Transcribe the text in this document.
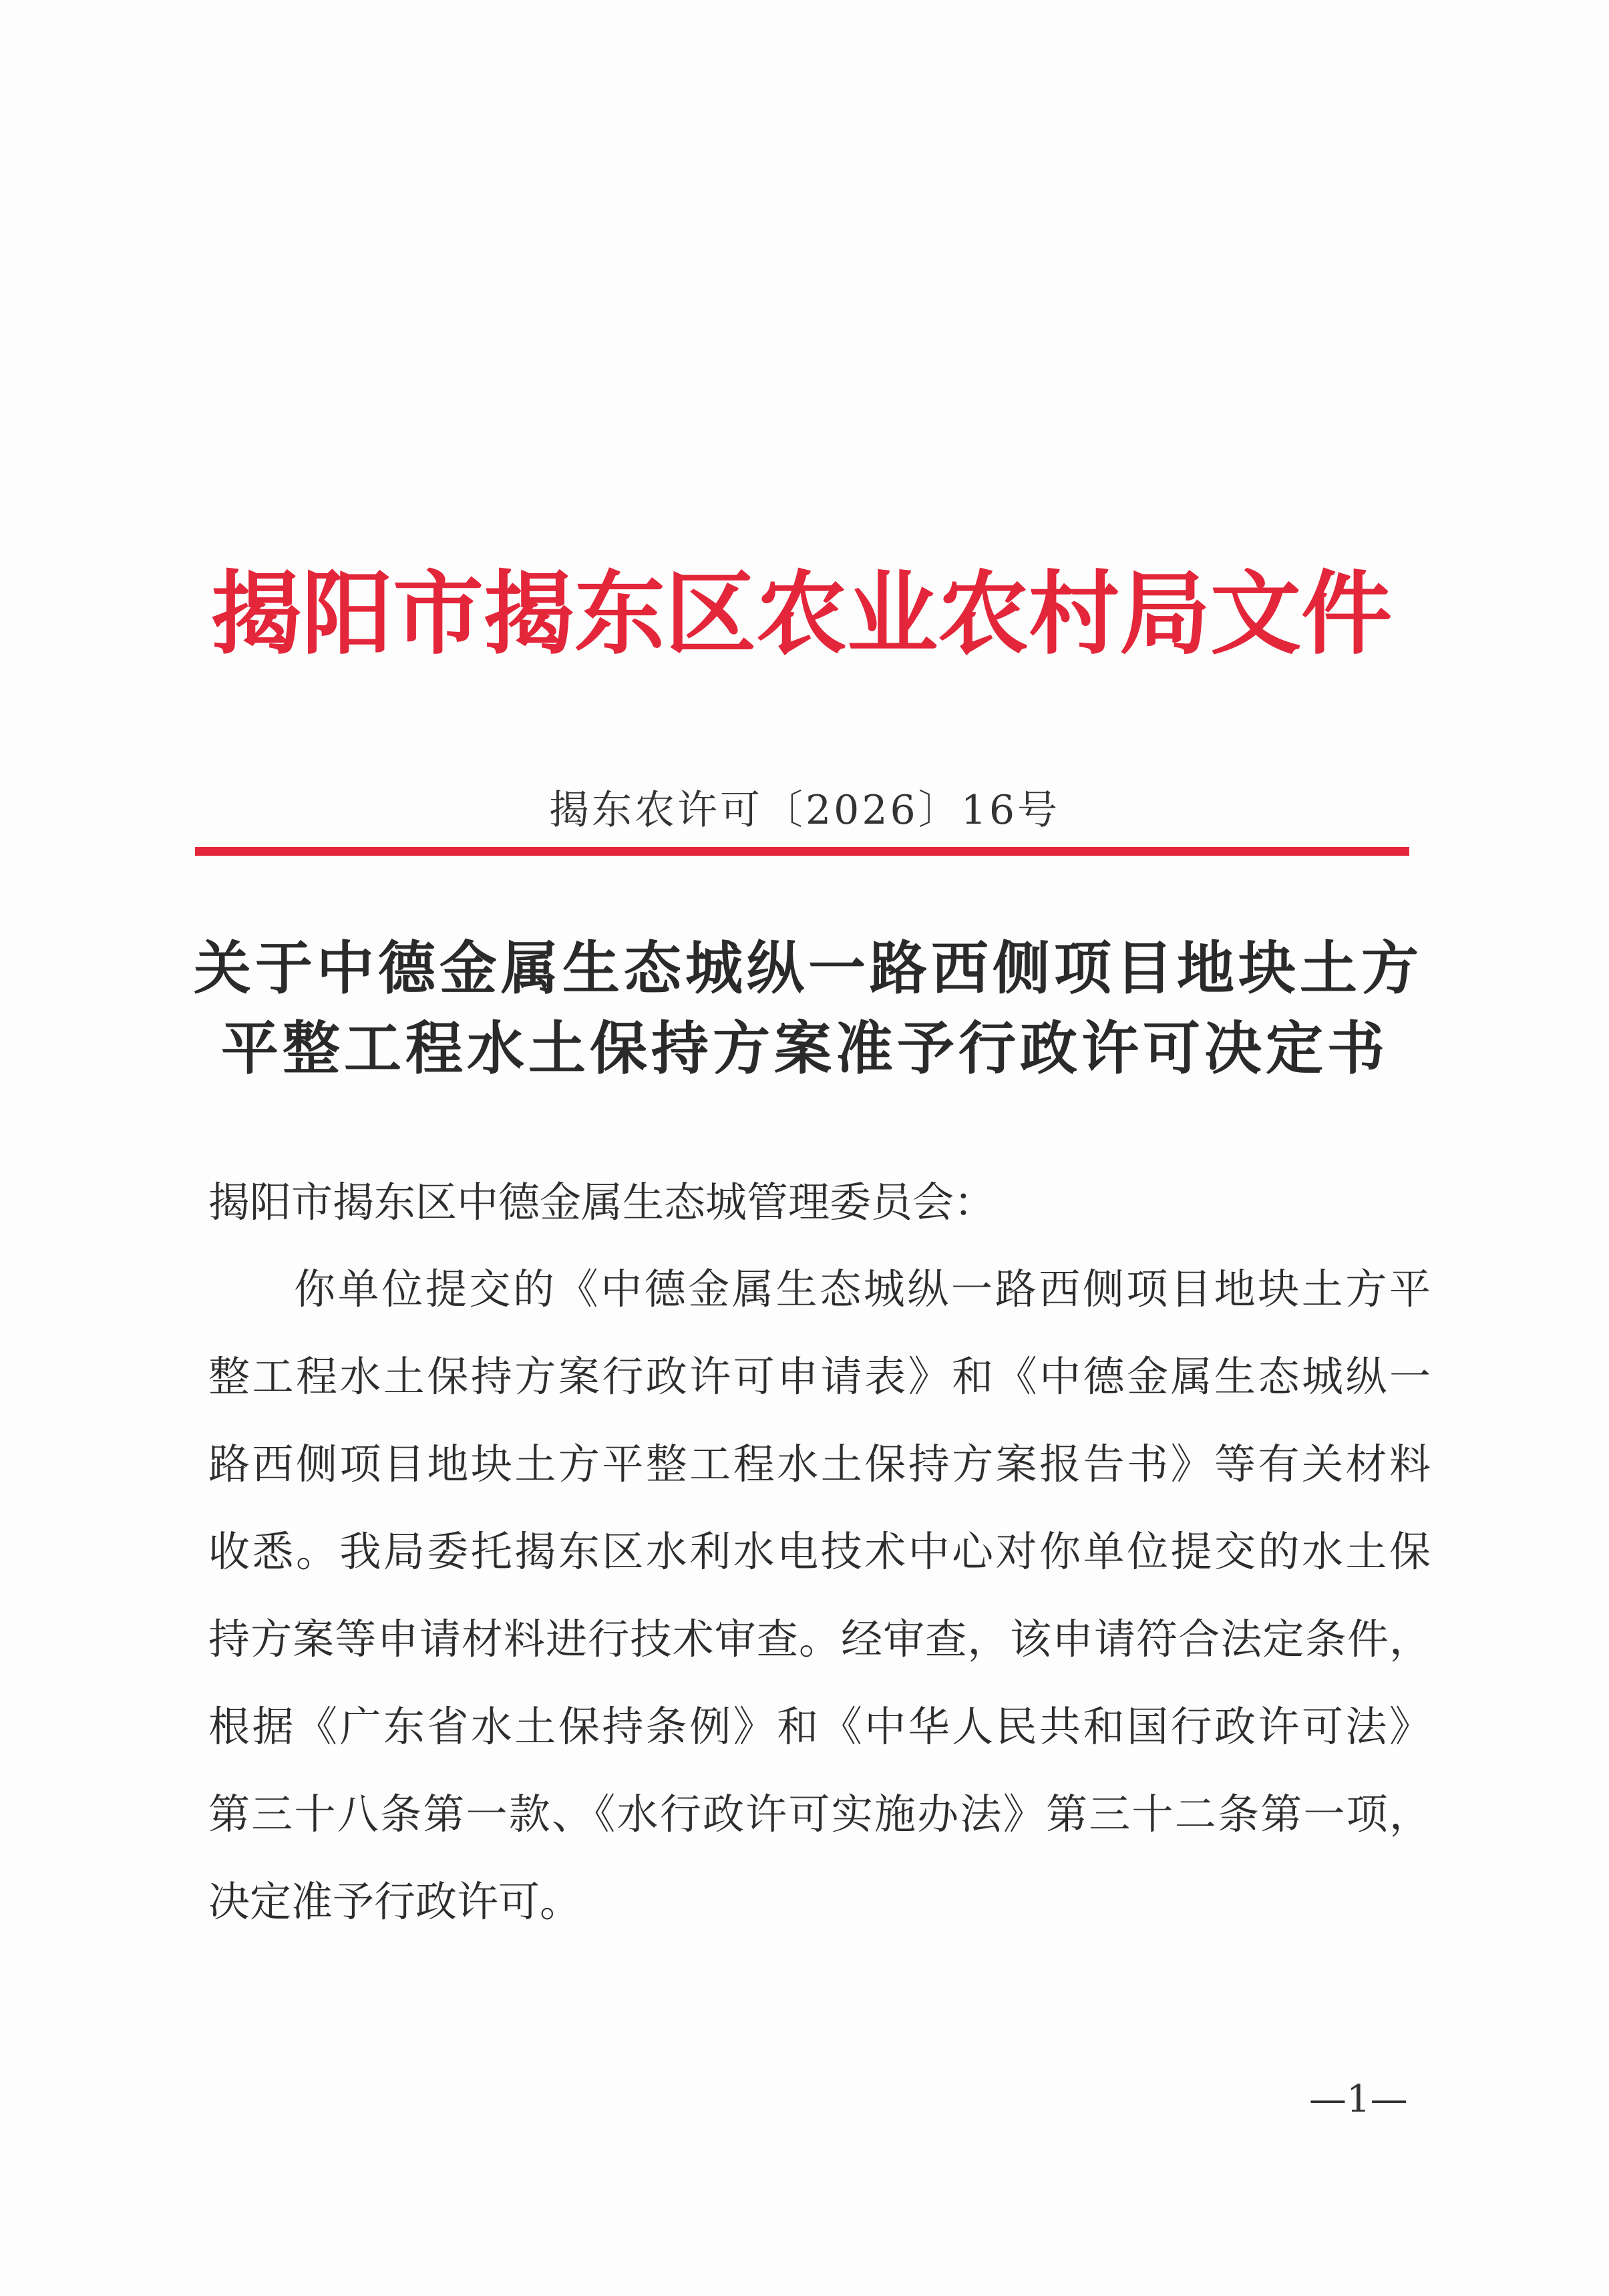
揭阳市揭东区农业农村局文件
揭东农许可〔2026〕16号
关于中德金属生态城纵一路西侧项目地块土方
平整工程水土保持方案准予行政许可决定书
揭阳市揭东区中德金属生态城管理委员会：
你单位提交的《中德金属生态城纵一路西侧项目地块土方平
整工程水土保持方案行政许可申请表》和《中德金属生态城纵一
路西侧项目地块土方平整工程水土保持方案报告书》等有关材料
收悉。我局委托揭东区水利水电技术中心对你单位提交的水土保
持方案等申请材料进行技术审查。经审查，该申请符合法定条件，
根据《广东省水土保持条例》和《中华人民共和国行政许可法》
第三十八条第一款、《水行政许可实施办法》第三十二条第一项，
决定准予行政许可。
—1—
